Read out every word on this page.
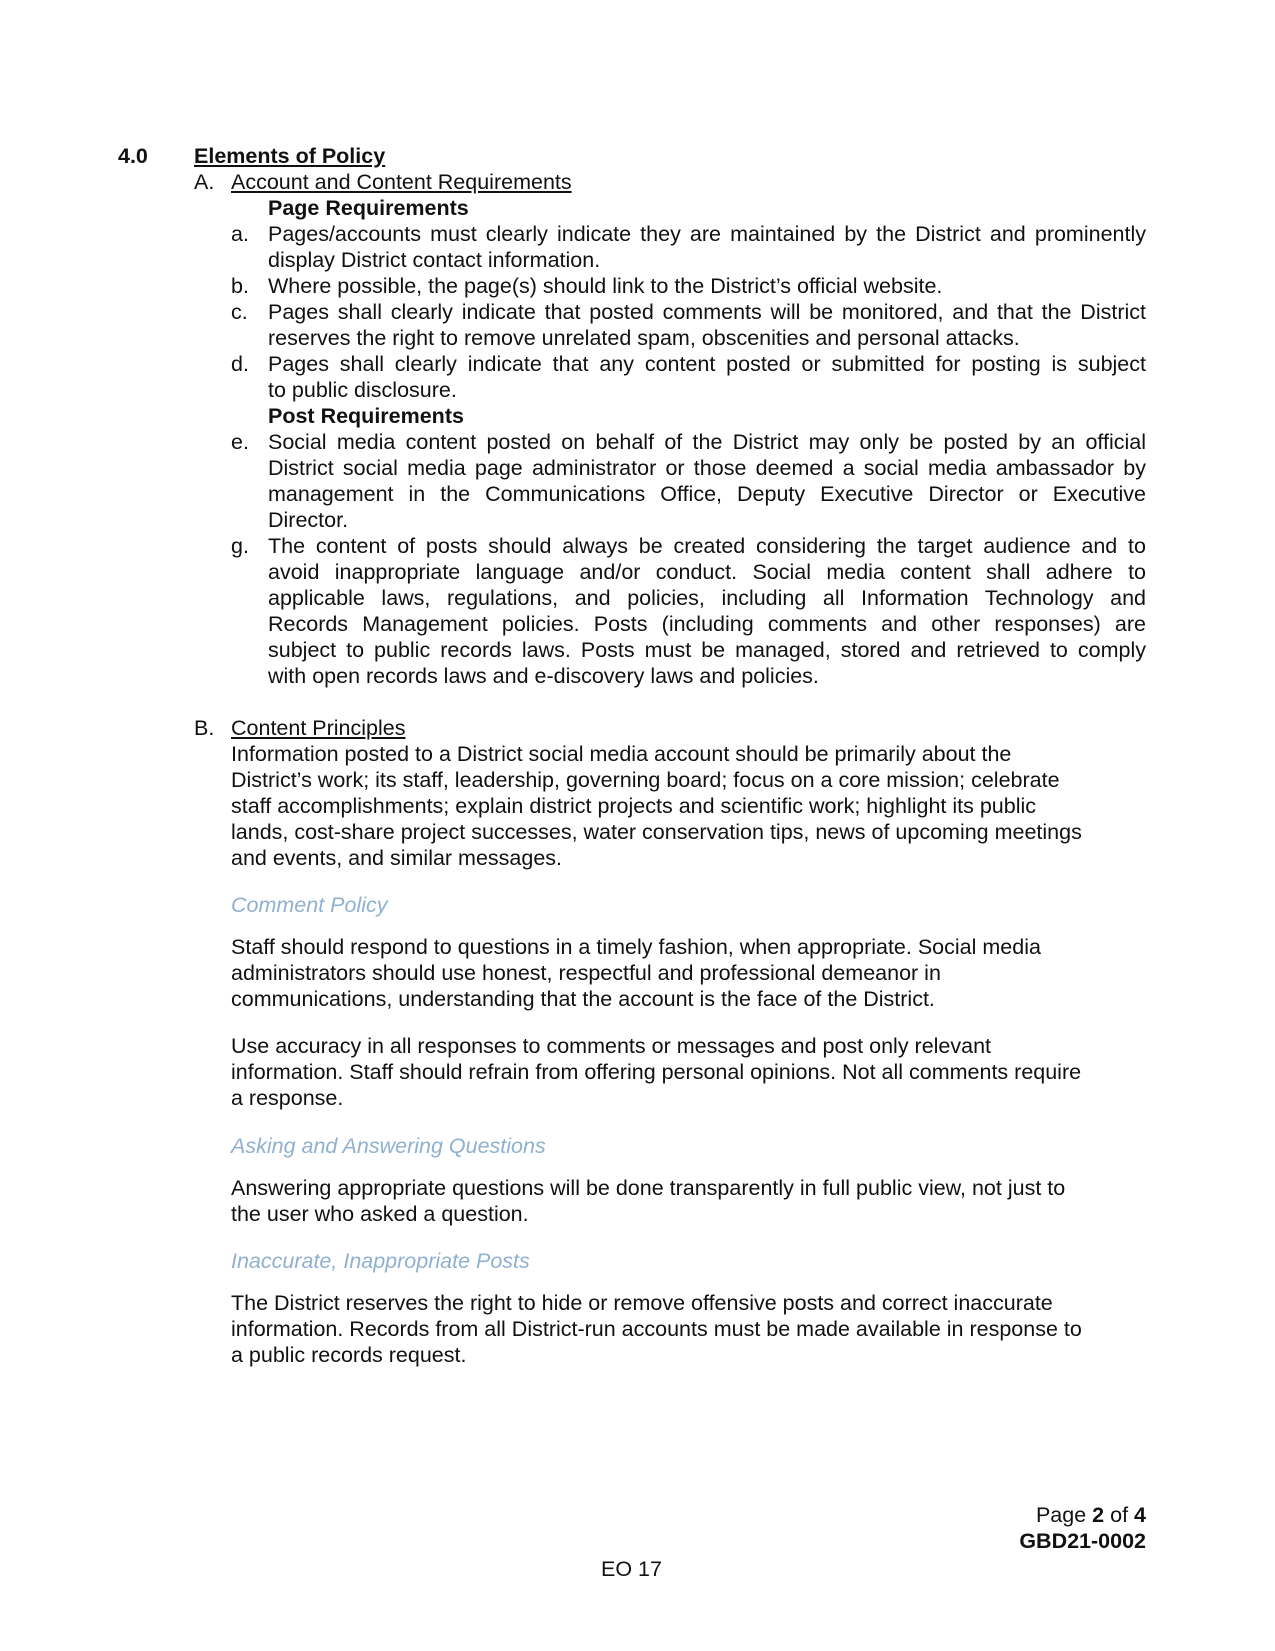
4.0 Elements of Policy
A. Account and Content Requirements
Page Requirements
a. Pages/accounts must clearly indicate they are maintained by the District and prominently
display District contact information.
b. Where possible, the page(s) should link to the District’s official website.
c. Pages shall clearly indicate that posted comments will be monitored, and that the District
reserves the right to remove unrelated spam, obscenities and personal attacks.
d. Pages shall clearly indicate that any content posted or submitted for posting is subject
to public disclosure.
Post Requirements
e. Social media content posted on behalf of the District may only be posted by an official
District social media page administrator or those deemed a social media ambassador by
management in the Communications Office, Deputy Executive Director or Executive
Director.
g. The content of posts should always be created considering the target audience and to
avoid inappropriate language and/or conduct. Social media content shall adhere to
applicable laws, regulations, and policies, including all Information Technology and
Records Management policies. Posts (including comments and other responses) are
subject to public records laws. Posts must be managed, stored and retrieved to comply
with open records laws and e-discovery laws and policies.
B. Content Principles
Information posted to a District social media account should be primarily about the
District’s work; its staff, leadership, governing board; focus on a core mission; celebrate
staff accomplishments; explain district projects and scientific work; highlight its public
lands, cost-share project successes, water conservation tips, news of upcoming meetings
and events, and similar messages.
Comment Policy
Staff should respond to questions in a timely fashion, when appropriate. Social media
administrators should use honest, respectful and professional demeanor in
communications, understanding that the account is the face of the District.
Use accuracy in all responses to comments or messages and post only relevant
information. Staff should refrain from offering personal opinions. Not all comments require
a response.
Asking and Answering Questions
Answering appropriate questions will be done transparently in full public view, not just to
the user who asked a question.
Inaccurate, Inappropriate Posts
The District reserves the right to hide or remove offensive posts and correct inaccurate
information. Records from all District-run accounts must be made available in response to
a public records request.
Page 2 of 4
GBD21-0002
EO 17
